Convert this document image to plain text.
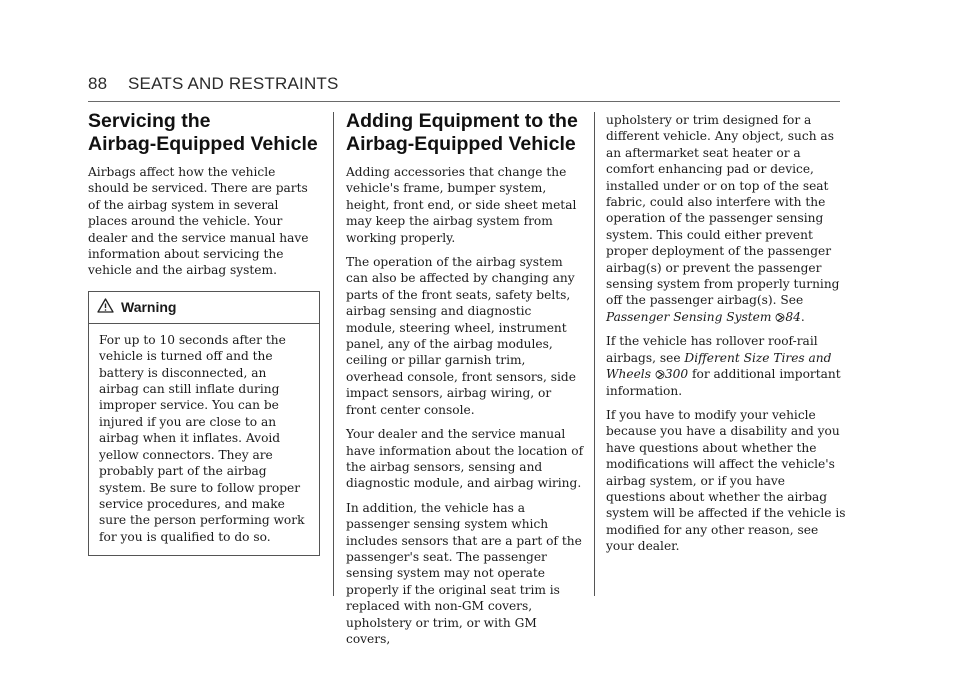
88 SEATS AND RESTRAINTS
Servicing the
Airbag-Equipped Vehicle

Airbags affect how the vehicle should be serviced. There are parts of the airbag system in several places around the vehicle. Your dealer and the service manual have information about servicing the vehicle and the airbag system.

Warning

For up to 10 seconds after the vehicle is turned off and the battery is disconnected, an airbag can still inflate during improper service. You can be injured if you are close to an airbag when it inflates. Avoid yellow connectors. They are probably part of the airbag system. Be sure to follow proper service procedures, and make sure the person performing work for you is qualified to do so.

Adding Equipment to the
Airbag-Equipped Vehicle

Adding accessories that change the vehicle's frame, bumper system, height, front end, or side sheet metal may keep the airbag system from working properly.

The operation of the airbag system can also be affected by changing any parts of the front seats, safety belts, airbag sensing and diagnostic module, steering wheel, instrument panel, any of the airbag modules, ceiling or pillar garnish trim, overhead console, front sensors, side impact sensors, airbag wiring, or front center console.

Your dealer and the service manual have information about the location of the airbag sensors, sensing and diagnostic module, and airbag wiring.

In addition, the vehicle has a passenger sensing system which includes sensors that are a part of the passenger's seat. The passenger sensing system may not operate properly if the original seat trim is replaced with non-GM covers, upholstery or trim, or with GM covers,

upholstery or trim designed for a different vehicle. Any object, such as an aftermarket seat heater or a comfort enhancing pad or device, installed under or on top of the seat fabric, could also interfere with the operation of the passenger sensing system. This could either prevent proper deployment of the passenger airbag(s) or prevent the passenger sensing system from properly turning off the passenger airbag(s). See Passenger Sensing System 84.

If the vehicle has rollover roof-rail airbags, see Different Size Tires and Wheels 300 for additional important information.

If you have to modify your vehicle because you have a disability and you have questions about whether the modifications will affect the vehicle's airbag system, or if you have questions about whether the airbag system will be affected if the vehicle is modified for any other reason, see your dealer.
